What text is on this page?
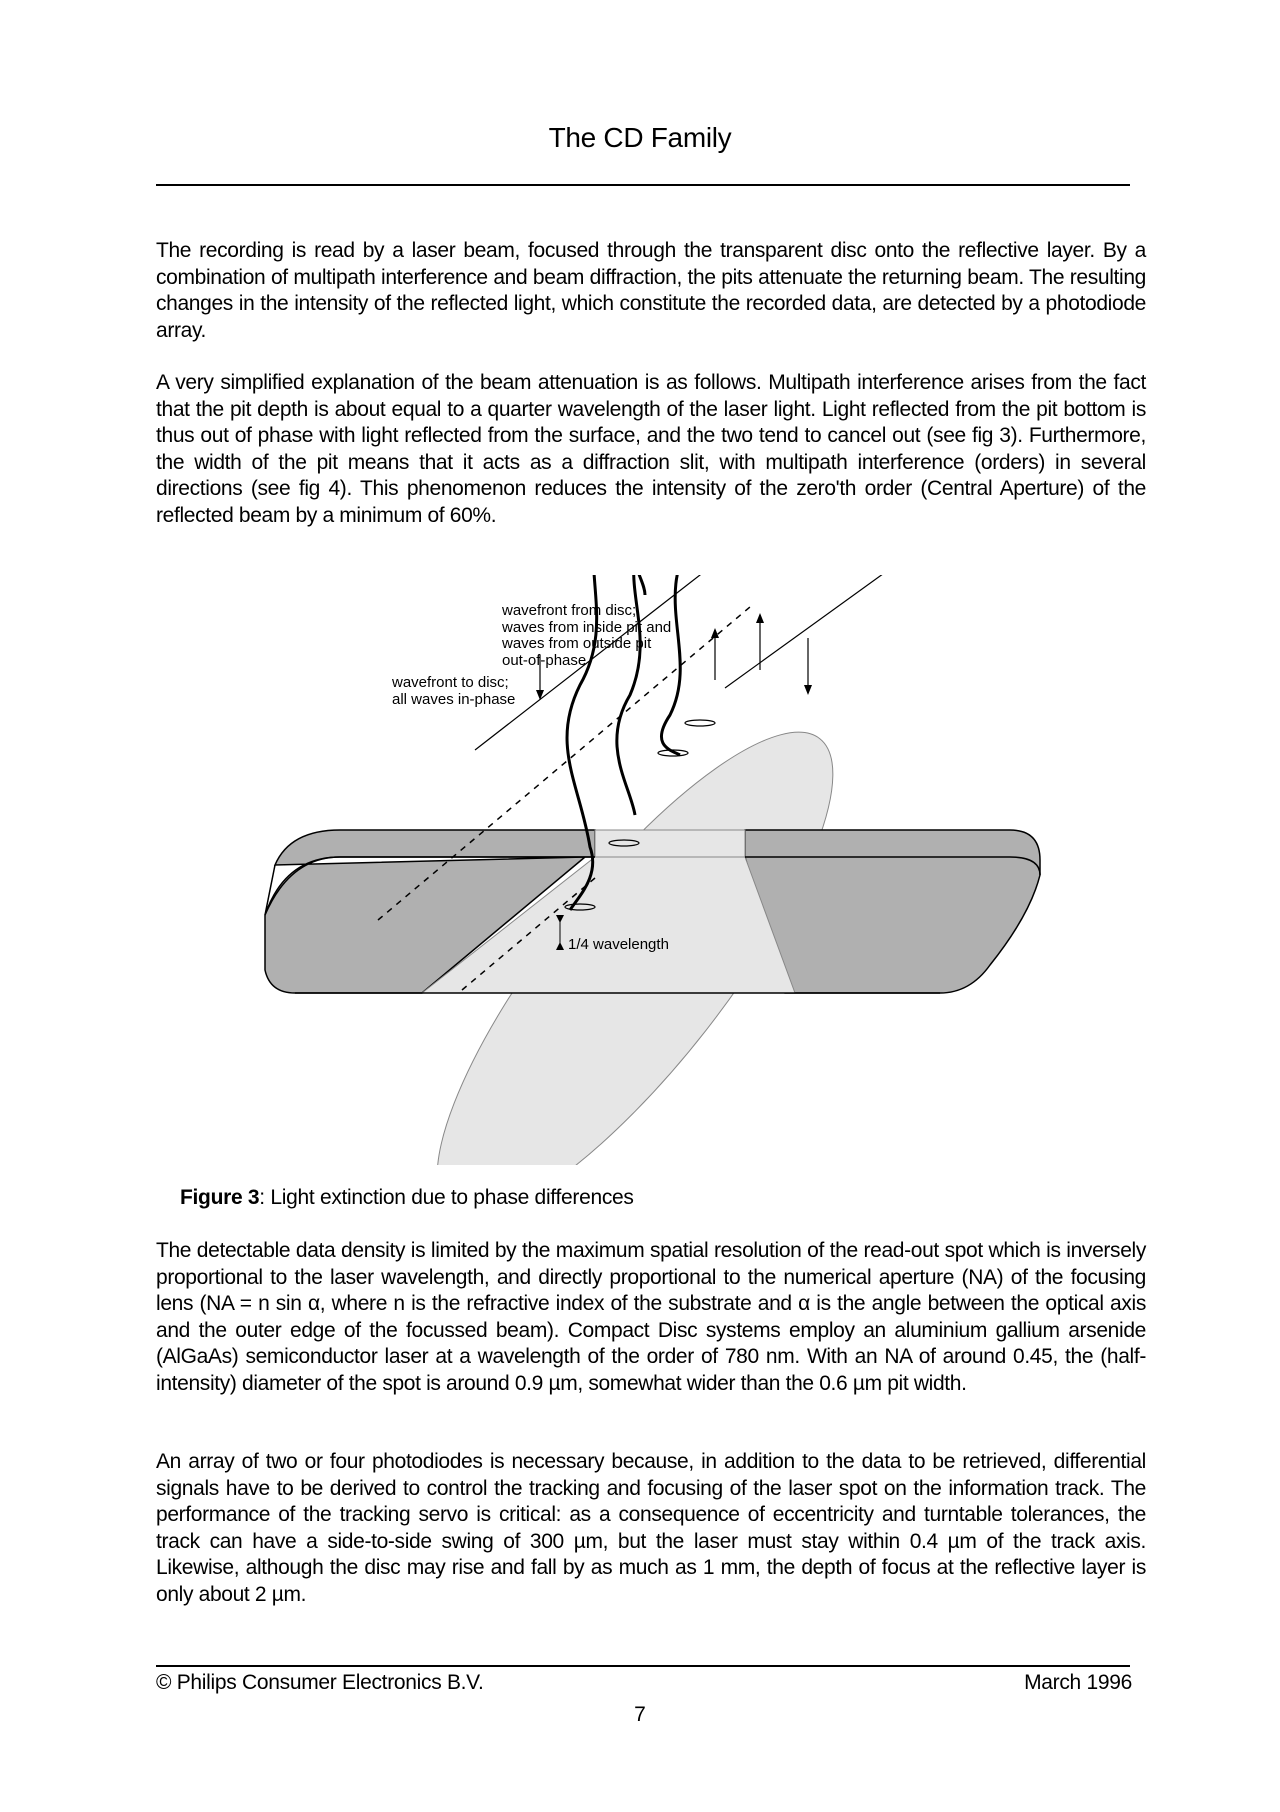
The CD Family

The recording is read by a laser beam, focused through the transparent disc onto the reflective layer. By a combination of multipath interference and beam diffraction, the pits attenuate the returning beam. The resulting changes in the intensity of the reflected light, which constitute the recorded data, are detected by a photodiode array.

A very simplified explanation of the beam attenuation is as follows. Multipath interference arises from the fact that the pit depth is about equal to a quarter wavelength of the laser light. Light reflected from the pit bottom is thus out of phase with light reflected from the surface, and the two tend to cancel out (see fig 3). Furthermore, the width of the pit means that it acts as a diffraction slit, with multipath interference (orders) in several directions (see fig 4). This phenomenon reduces the intensity of the zero'th order (Central Aperture) of the reflected beam by a minimum of 60%.

1/4 wavelength
wavefront to disc; all waves in-phase
wavefront from disc; waves from inside pit and waves from outside pit out-of-phase
Figure 3: Light extinction due to phase differences

The detectable data density is limited by the maximum spatial resolution of the read-out spot which is inversely proportional to the laser wavelength, and directly proportional to the numerical aperture (NA) of the focusing lens (NA = n sin α, where n is the refractive index of the substrate and α is the angle between the optical axis and the outer edge of the focussed beam). Compact Disc systems employ an aluminium gallium arsenide (AlGaAs) semiconductor laser at a wavelength of the order of 780 nm. With an NA of around 0.45, the (half-intensity) diameter of the spot is around 0.9 µm, somewhat wider than the 0.6 µm pit width.

An array of two or four photodiodes is necessary because, in addition to the data to be retrieved, differential signals have to be derived to control the tracking and focusing of the laser spot on the information track. The performance of the tracking servo is critical: as a consequence of eccentricity and turntable tolerances, the track can have a side-to-side swing of 300 µm, but the laser must stay within 0.4 µm of the track axis. Likewise, although the disc may rise and fall by as much as 1 mm, the depth of focus at the reflective layer is only about 2 µm.

© Philips Consumer Electronics B.V.	March 1996
7
